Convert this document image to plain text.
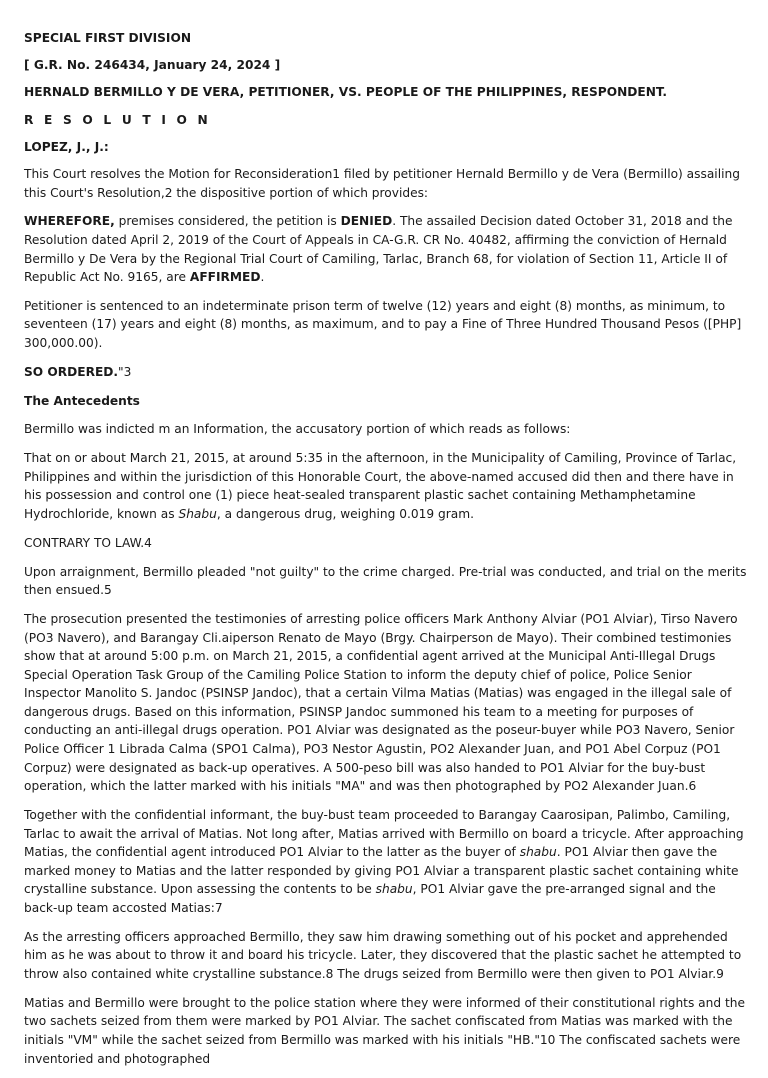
SPECIAL FIRST DIVISION

[ G.R. No. 246434, January 24, 2024 ]

HERNALD BERMILLO Y DE VERA, PETITIONER, VS. PEOPLE OF THE PHILIPPINES, RESPONDENT.

R E S O L U T I O N

LOPEZ, J., J.:

This Court resolves the Motion for Reconsideration1 filed by petitioner Hernald Bermillo y de Vera (Bermillo) assailing this Court's Resolution,2 the dispositive portion of which provides:

WHEREFORE, premises considered, the petition is DENIED. The assailed Decision dated October 31, 2018 and the Resolution dated April 2, 2019 of the Court of Appeals in CA-G.R. CR No. 40482, affirming the conviction of Hernald Bermillo y De Vera by the Regional Trial Court of Camiling, Tarlac, Branch 68, for violation of Section 11, Article II of Republic Act No. 9165, are AFFIRMED.

Petitioner is sentenced to an indeterminate prison term of twelve (12) years and eight (8) months, as minimum, to seventeen (17) years and eight (8) months, as maximum, and to pay a Fine of Three Hundred Thousand Pesos ([PHP] 300,000.00).

SO ORDERED."3

The Antecedents

Bermillo was indicted m an Information, the accusatory portion of which reads as follows:

That on or about March 21, 2015, at around 5:35 in the afternoon, in the Municipality of Camiling, Province of Tarlac, Philippines and within the jurisdiction of this Honorable Court, the above-named accused did then and there have in his possession and control one (1) piece heat-sealed transparent plastic sachet containing Methamphetamine Hydrochloride, known as Shabu, a dangerous drug, weighing 0.019 gram.

CONTRARY TO LAW.4

Upon arraignment, Bermillo pleaded "not guilty" to the crime charged. Pre-trial was conducted, and trial on the merits then ensued.5

The prosecution presented the testimonies of arresting police officers Mark Anthony Alviar (PO1 Alviar), Tirso Navero (PO3 Navero), and Barangay Cli.aiperson Renato de Mayo (Brgy. Chairperson de Mayo). Their combined testimonies show that at around 5:00 p.m. on March 21, 2015, a confidential agent arrived at the Municipal Anti-Illegal Drugs Special Operation Task Group of the Camiling Police Station to inform the deputy chief of police, Police Senior Inspector Manolito S. Jandoc (PSINSP Jandoc), that a certain Vilma Matias (Matias) was engaged in the illegal sale of dangerous drugs. Based on this information, PSINSP Jandoc summoned his team to a meeting for purposes of conducting an anti-illegal drugs operation. PO1 Alviar was designated as the poseur-buyer while PO3 Navero, Senior Police Officer 1 Librada Calma (SPO1 Calma), PO3 Nestor Agustin, PO2 Alexander Juan, and PO1 Abel Corpuz (PO1 Corpuz) were designated as back-up operatives. A 500-peso bill was also handed to PO1 Alviar for the buy-bust operation, which the latter marked with his initials "MA" and was then photographed by PO2 Alexander Juan.6

Together with the confidential informant, the buy-bust team proceeded to Barangay Caarosipan, Palimbo, Camiling, Tarlac to await the arrival of Matias. Not long after, Matias arrived with Bermillo on board a tricycle. After approaching Matias, the confidential agent introduced PO1 Alviar to the latter as the buyer of shabu. PO1 Alviar then gave the marked money to Matias and the latter responded by giving PO1 Alviar a transparent plastic sachet containing white crystalline substance. Upon assessing the contents to be shabu, PO1 Alviar gave the pre-arranged signal and the back-up team accosted Matias:7

As the arresting officers approached Bermillo, they saw him drawing something out of his pocket and apprehended him as he was about to throw it and board his tricycle. Later, they discovered that the plastic sachet he attempted to throw also contained white crystalline substance.8 The drugs seized from Bermillo were then given to PO1 Alviar.9

Matias and Bermillo were brought to the police station where they were informed of their constitutional rights and the two sachets seized from them were marked by PO1 Alviar. The sachet confiscated from Matias was marked with the initials "VM" while the sachet seized from Bermillo was marked with his initials "HB."10 The confiscated sachets were inventoried and photographed
